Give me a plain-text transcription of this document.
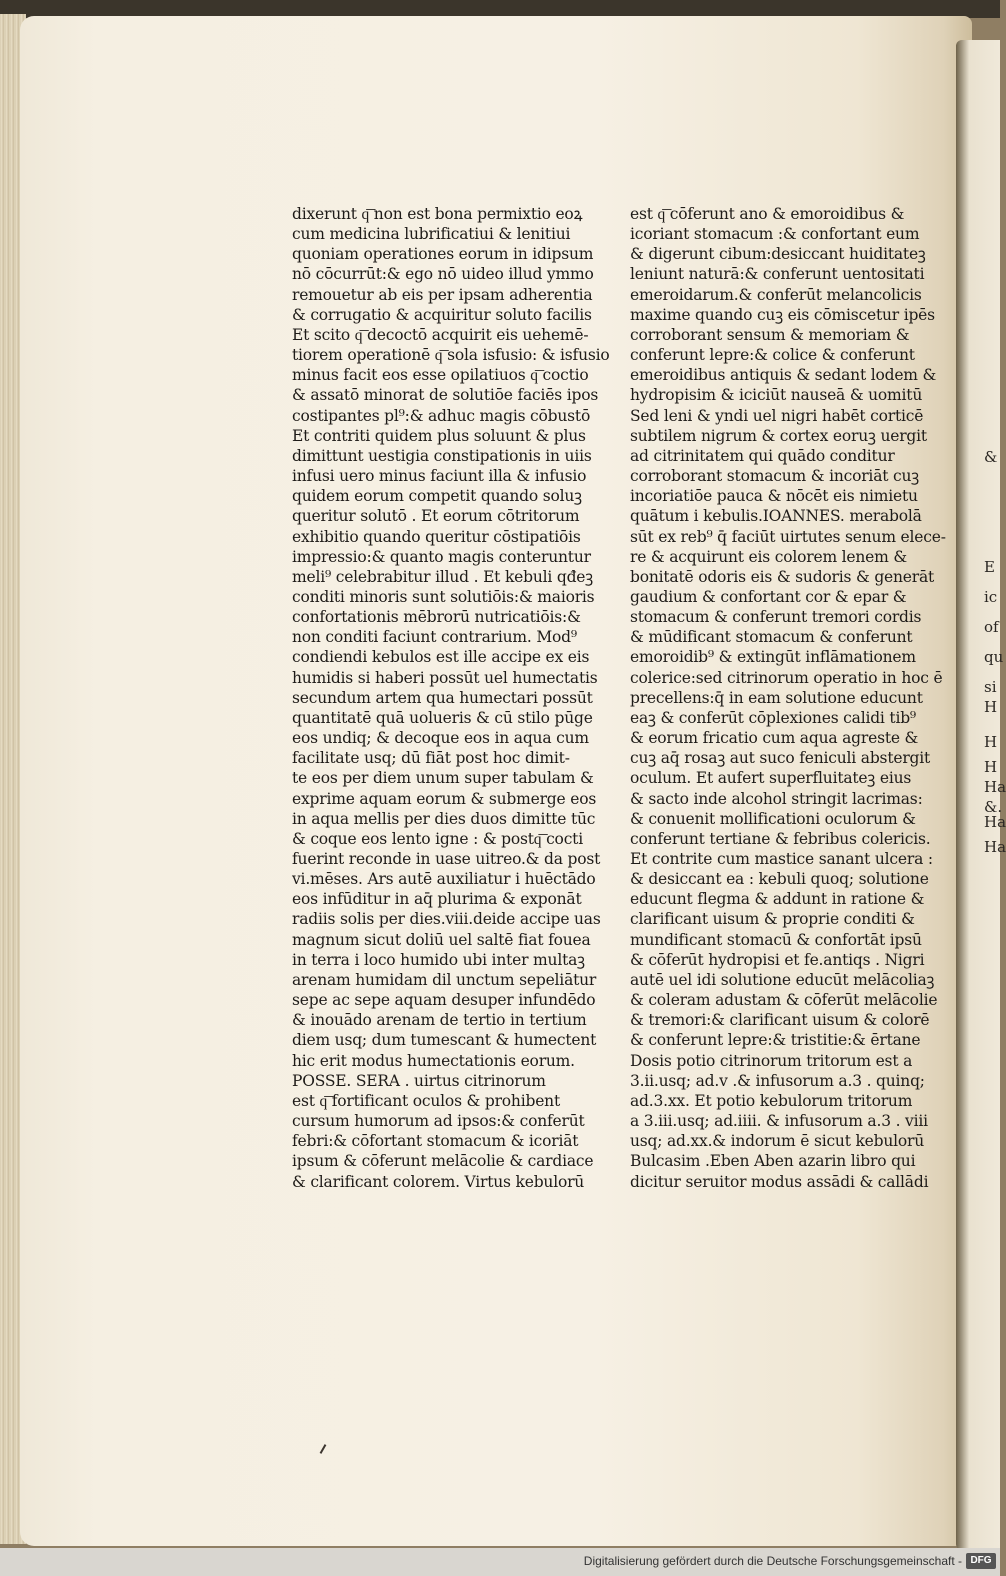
&
E
ic
of
qu
si
H
H
H
Ha
&.
Ha
Ha
dixerunt q͞ non est bona permixtio eoꝝ
cum medicina lubrificatiui & lenitiui
quoniam operationes eorum in idipsum
nō cōcurrūt:& ego nō uideo illud ymmo
remouetur ab eis per ipsam adherentia
& corrugatio & acquiritur soluto facilis
Et scito q͞ decoctō acquirit eis uehemē-
tiorem operationē q͞ sola isfusio: & isfusio
minus facit eos esse opilatiuos q͞ coctio
& assatō minorat de solutiōe faciēs ipos
costipantes pl⁹:& adhuc magis cōbustō
Et contriti quidem plus soluunt & plus
dimittunt uestigia constipationis in uiis
infusi uero minus faciunt illa & infusio
quidem eorum competit quando soluꝫ
queritur solutō . Et eorum cōtritorum
exhibitio quando queritur cōstipatiōis
impressio:& quanto magis conteruntur
meli⁹ celebrabitur illud . Et kebuli qđeꝫ
conditi minoris sunt solutiōis:& maioris
confortationis mēbrorū nutricatiōis:&
non conditi faciunt contrarium. Mod⁹
condiendi kebulos est ille accipe ex eis
humidis si haberi possūt uel humectatis
secundum artem qua humectari possūt
quantitatē quā uolueris & cū stilo pūge
eos undiq; & decoque eos in aqua cum
facilitate usq; dū fiāt post hoc dimit-
te eos per diem unum super tabulam &
exprime aquam eorum & submerge eos
in aqua mellis per dies duos dimitte tūc
& coque eos lento igne : & postq͞ cocti
fuerint reconde in uase uitreo.& da post
vi.mēses. Ars autē auxiliatur i huēctādo
eos infūditur in aq̄ plurima & exponāt
radiis solis per dies.viii.deide accipe uas
magnum sicut doliū uel saltē fiat fouea
in terra i loco humido ubi inter multaꝫ
arenam humidam dil unctum sepeliātur
sepe ac sepe aquam desuper infundēdo
& inouādo arenam de tertio in tertium
diem usq; dum tumescant & humectent
hic erit modus humectationis eorum.
POSSE. SERA . uirtus citrinorum
est q͞ fortificant oculos & prohibent
cursum humorum ad ipsos:& conferūt
febri:& cōfortant stomacum & icoriāt
ipsum & cōferunt melācolie & cardiace
& clarificant colorem. Virtus kebulorū
est q͞ cōferunt ano & emoroidibus &
icoriant stomacum :& confortant eum
& digerunt cibum:desiccant huiditateꝫ
leniunt naturā:& conferunt uentositati
emeroidarum.& conferūt melancolicis
maxime quando cuꝫ eis cōmiscetur ipēs
corroborant sensum & memoriam &
conferunt lepre:& colice & conferunt
emeroidibus antiquis & sedant lodem &
hydropisim & iciciūt nauseā & uomitū
Sed leni & yndi uel nigri habēt corticē
subtilem nigrum & cortex eoruꝫ uergit
ad citrinitatem qui quādo conditur
corroborant stomacum & incoriāt cuꝫ
incoriatiōe pauca & nōcēt eis nimietu
quātum i kebulis.IOANNES. merabolā
sūt ex reb⁹ q̄ faciūt uirtutes senum elece-
re & acquirunt eis colorem lenem &
bonitatē odoris eis & sudoris & generāt
gaudium & confortant cor & epar &
stomacum & conferunt tremori cordis
& mūdificant stomacum & conferunt
emoroidib⁹ & extingūt inflāmationem
colerice:sed citrinorum operatio in hoc ē
precellens:q̄ in eam solutione educunt
eaꝫ & conferūt cōplexiones calidi tib⁹
& eorum fricatio cum aqua agreste &
cuꝫ aq̄ rosaꝫ aut suco feniculi abstergit
oculum. Et aufert superfluitateꝫ eius
& sacto inde alcohol stringit lacrimas:
& conuenit mollificationi oculorum &
conferunt tertiane & febribus colericis.
Et contrite cum mastice sanant ulcera :
& desiccant ea : kebuli quoq; solutione
educunt flegma & addunt in ratione &
clarificant uisum & proprie conditi &
mundificant stomacū & confortāt ipsū
& cōferūt hydropisi et fe.antiqs . Nigri
autē uel idi solutione educūt melācoliaꝫ
& coleram adustam & cōferūt melācolie
& tremori:& clarificant uisum & colorē
& conferunt lepre:& tristitie:& ērtane
Dosis potio citrinorum tritorum est a
3.ii.usq; ad.v .& infusorum a.3 . quinq;
ad.3.xx. Et potio kebulorum tritorum
a 3.iii.usq; ad.iiii. & infusorum a.3 . viii
usq; ad.xx.& indorum ē sicut kebulorū
Bulcasim .Eben Aben azarin libro qui
dicitur seruitor modus assādi & callādi
Digitalisierung gefördert durch die Deutsche Forschungsgemeinschaft - DFG
